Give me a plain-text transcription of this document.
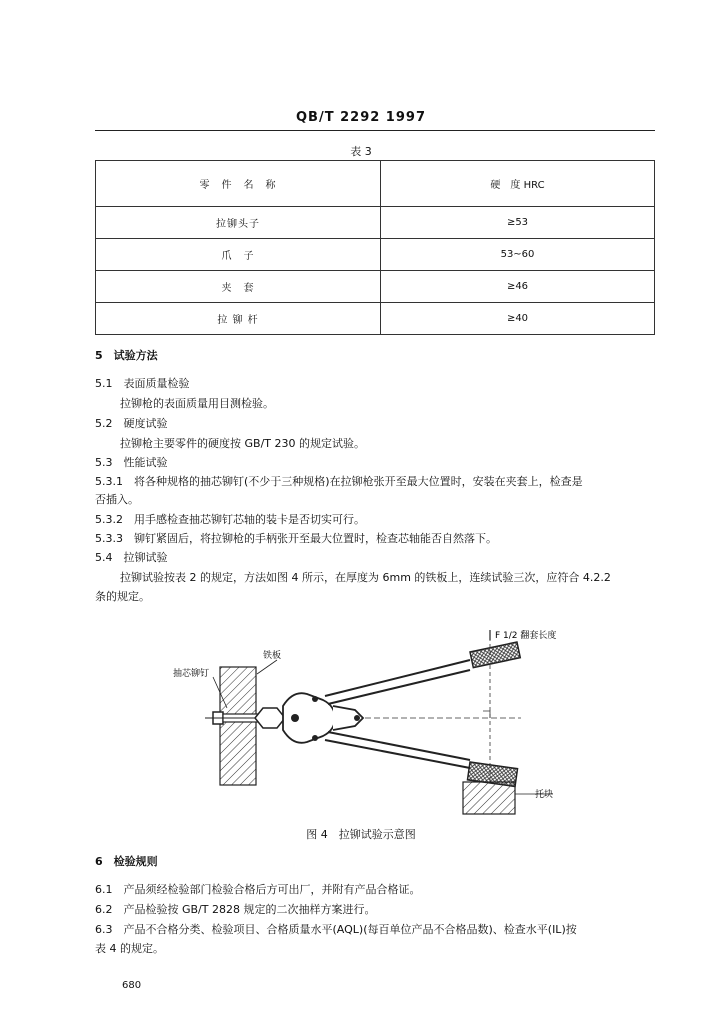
QB/T 2292 1997
表 3
零　件　名　称	硬　度 HRC
拉铆头子	≥53
爪　子	53~60
夹　套	≥46
拉 铆 杆	≥40
5　试验方法
5.1　表面质量检验
拉铆枪的表面质量用目测检验。
5.2　硬度试验
拉铆枪主要零件的硬度按 GB/T 230 的规定试验。
5.3　性能试验
5.3.1　将各种规格的抽芯铆钉(不少于三种规格)在拉铆枪张开至最大位置时，安装在夹套上，检查是
否插入。
5.3.2　用手感检查抽芯铆钉芯轴的装卡是否切实可行。
5.3.3　铆钉紧固后，将拉铆枪的手柄张开至最大位置时，检查芯轴能否自然落下。
5.4　拉铆试验
拉铆试验按表 2 的规定，方法如图 4 所示，在厚度为 6mm 的铁板上，连续试验三次，应符合 4.2.2
条的规定。
F 1/2 翻套长度
铁板
抽芯铆钉
托块
图 4　拉铆试验示意图
6　检验规则
6.1　产品须经检验部门检验合格后方可出厂，并附有产品合格证。
6.2　产品检验按 GB/T 2828 规定的二次抽样方案进行。
6.3　产品不合格分类、检验项目、合格质量水平(AQL)(每百单位产品不合格品数)、检查水平(IL)按
表 4 的规定。
680
